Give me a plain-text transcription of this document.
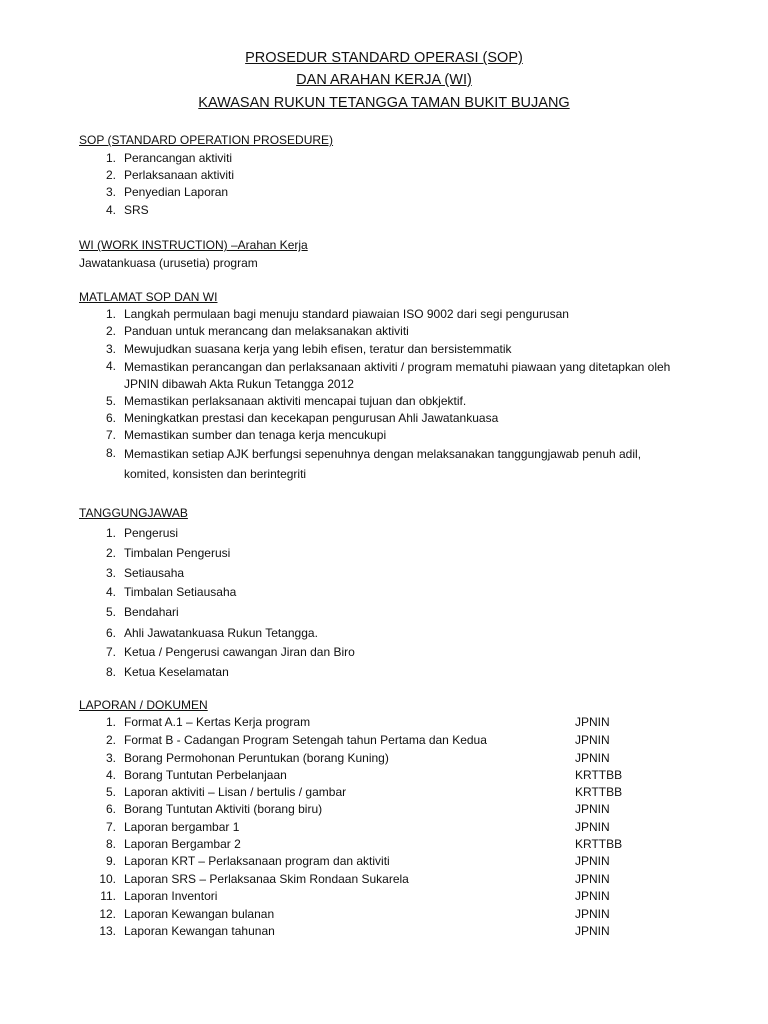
PROSEDUR STANDARD OPERASI (SOP)
DAN ARAHAN KERJA (WI)
KAWASAN RUKUN TETANGGA TAMAN BUKIT BUJANG
SOP (STANDARD OPERATION PROSEDURE)
1. Perancangan aktiviti
2. Perlaksanaan aktiviti
3. Penyedian Laporan
4. SRS
WI (WORK INSTRUCTION) –Arahan Kerja
Jawatankuasa (urusetia) program
MATLAMAT SOP DAN WI
1. Langkah permulaan bagi menuju standard piawaian ISO 9002 dari segi pengurusan
2. Panduan untuk merancang dan melaksanakan aktiviti
3. Mewujudkan suasana kerja yang lebih efisen, teratur dan bersistemmatik
4. Memastikan perancangan dan perlaksanaan aktiviti / program mematuhi piawaan yang ditetapkan oleh JPNIN dibawah Akta Rukun Tetangga 2012
5. Memastikan perlaksanaan aktiviti mencapai tujuan dan obkjektif.
6. Meningkatkan prestasi dan kecekapan pengurusan Ahli Jawatankuasa
7. Memastikan sumber dan tenaga kerja mencukupi
8. Memastikan setiap AJK berfungsi sepenuhnya dengan melaksanakan tanggungjawab penuh adil, komited, konsisten dan berintegriti
TANGGUNGJAWAB
1. Pengerusi
2. Timbalan Pengerusi
3. Setiausaha
4. Timbalan Setiausaha
5. Bendahari
6. Ahli Jawatankuasa Rukun Tetangga.
7. Ketua / Pengerusi cawangan Jiran dan Biro
8. Ketua Keselamatan
LAPORAN / DOKUMEN
1. Format A.1 – Kertas Kerja program	JPNIN
2. Format B - Cadangan Program Setengah tahun Pertama dan Kedua	JPNIN
3. Borang Permohonan Peruntukan (borang Kuning)	JPNIN
4. Borang Tuntutan Perbelanjaan	KRTTBB
5. Laporan aktiviti – Lisan / bertulis / gambar	KRTTBB
6. Borang Tuntutan Aktiviti (borang biru)	JPNIN
7. Laporan bergambar 1	JPNIN
8. Laporan Bergambar 2	KRTTBB
9. Laporan KRT – Perlaksanaan program dan aktiviti	JPNIN
10. Laporan SRS – Perlaksanaa Skim Rondaan Sukarela	JPNIN
11. Laporan Inventori	JPNIN
12. Laporan Kewangan bulanan	JPNIN
13. Laporan Kewangan tahunan	JPNIN
